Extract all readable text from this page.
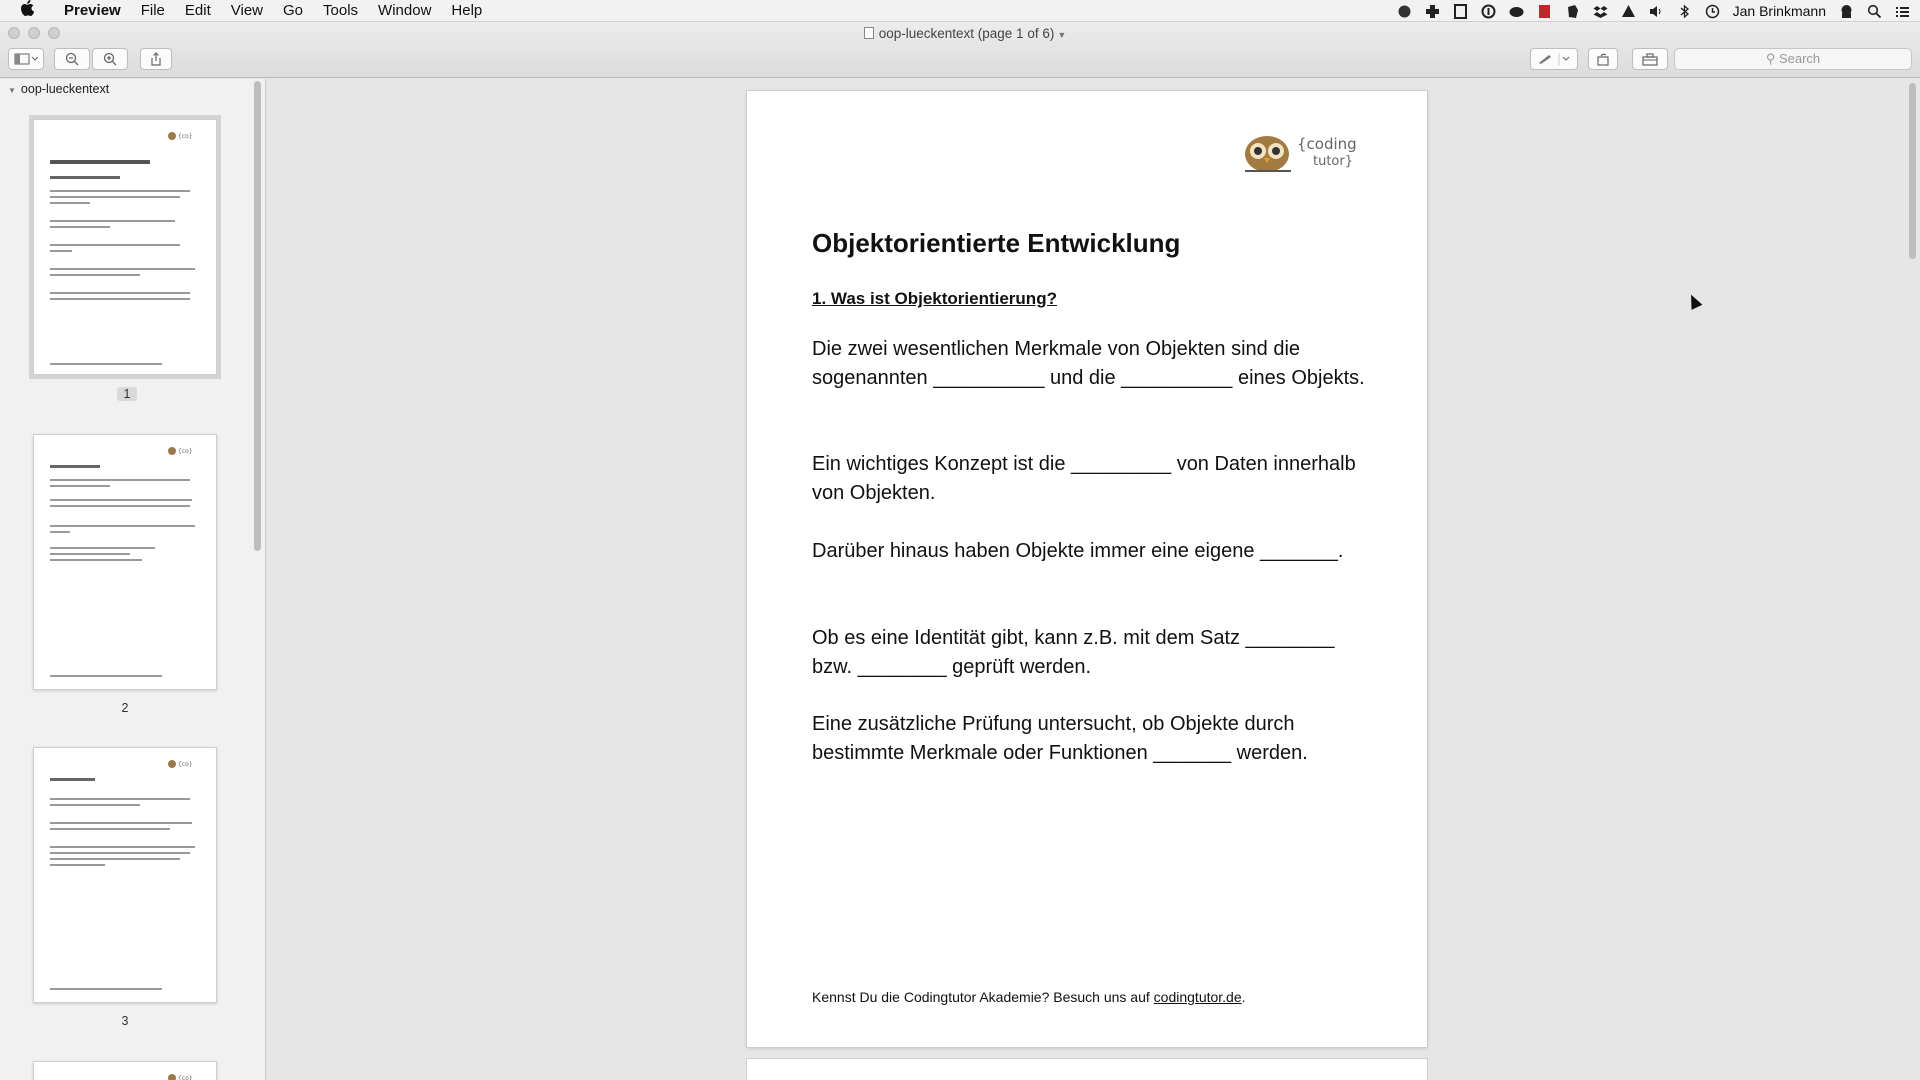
Preview	File	Edit	View	Go	Tools	Window	Help	Jan Brinkmann
oop-lueckentext (page 1 of 6) ▼
⚲ Search
▼ oop-lueckentext
{co}
1
{co}
2
{co}
3
{co}
{coding
tutor}
Objektorientierte Entwicklung
1. Was ist Objektorientierung?
Die zwei wesentlichen Merkmale von Objekten sind die sogenannten __________ und die __________ eines Objekts.
Ein wichtiges Konzept ist die _________ von Daten innerhalb von Objekten.
Darüber hinaus haben Objekte immer eine eigene _______.
Ob es eine Identität gibt, kann z.B. mit dem Satz ________ bzw. ________ geprüft werden.
Eine zusätzliche Prüfung untersucht, ob Objekte durch bestimmte Merkmale oder Funktionen _______ werden.
Kennst Du die Codingtutor Akademie? Besuch uns auf codingtutor.de.
